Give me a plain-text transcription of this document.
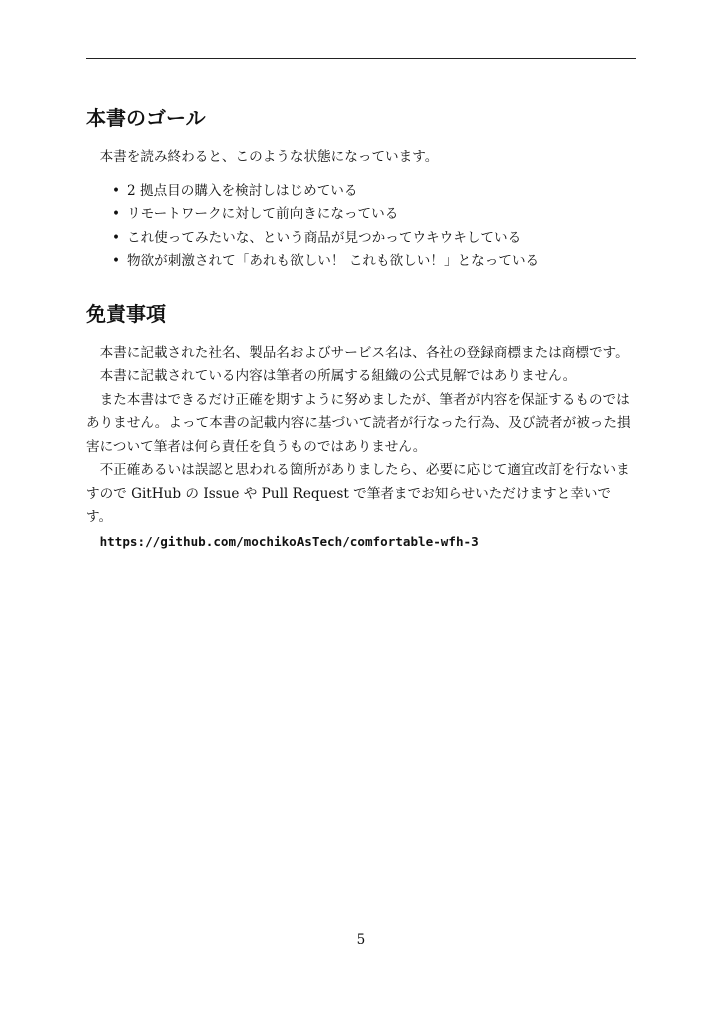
本書のゴール

本書を読み終わると、このような状態になっています。

• 2 拠点目の購入を検討しはじめている
• リモートワークに対して前向きになっている
• これ使ってみたいな、という商品が見つかってウキウキしている
• 物欲が刺激されて「あれも欲しい！ これも欲しい！」となっている
免責事項

本書に記載された社名、製品名およびサービス名は、各社の登録商標または商標です。

本書に記載されている内容は筆者の所属する組織の公式見解ではありません。

また本書はできるだけ正確を期すように努めましたが、筆者が内容を保証するものではありません。よって本書の記載内容に基づいて読者が行なった行為、及び読者が被った損害について筆者は何ら責任を負うものではありません。

不正確あるいは誤認と思われる箇所がありましたら、必要に応じて適宜改訂を行ないますので GitHub の Issue や Pull Request で筆者までお知らせいただけますと幸いです。

https://github.com/mochikoAsTech/comfortable-wfh-3

5
